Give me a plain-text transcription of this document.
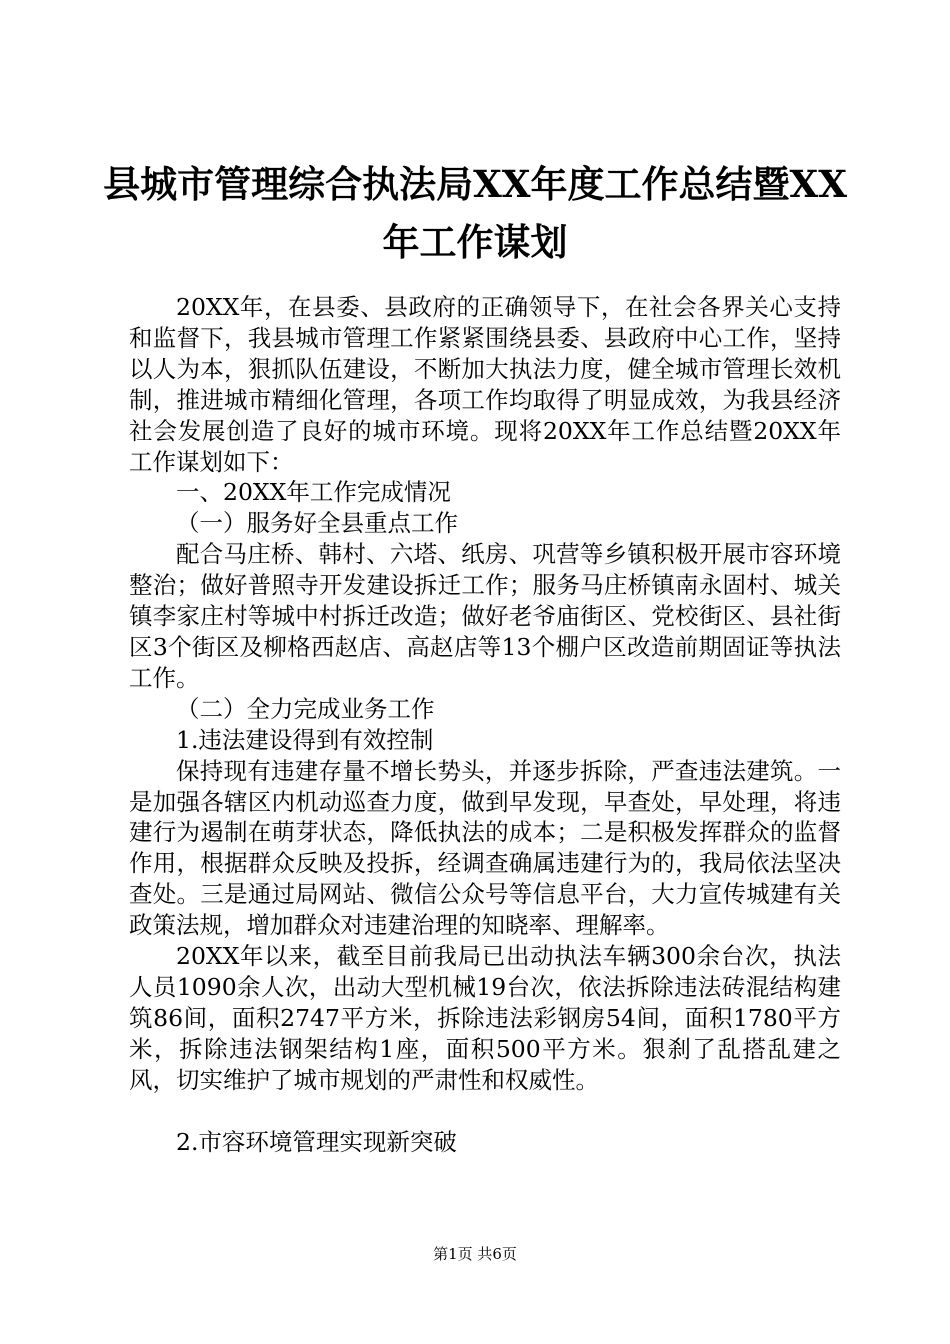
县城市管理综合执法局XX年度工作总结暨XX
年工作谋划

20XX年，在县委、县政府的正确领导下，在社会各界关心支持和监督下，我县城市管理工作紧紧围绕县委、县政府中心工作，坚持以人为本，狠抓队伍建设，不断加大执法力度，健全城市管理长效机制，推进城市精细化管理，各项工作均取得了明显成效，为我县经济社会发展创造了良好的城市环境。现将20XX年工作总结暨20XX年工作谋划如下：

一、20XX年工作完成情况

（一）服务好全县重点工作

配合马庄桥、韩村、六塔、纸房、巩营等乡镇积极开展市容环境整治；做好普照寺开发建设拆迁工作；服务马庄桥镇南永固村、城关镇李家庄村等城中村拆迁改造；做好老爷庙街区、党校街区、县社街区3个街区及柳格西赵店、高赵店等13个棚户区改造前期固证等执法工作。

（二）全力完成业务工作

1.违法建设得到有效控制

保持现有违建存量不增长势头，并逐步拆除，严查违法建筑。一是加强各辖区内机动巡查力度，做到早发现，早查处，早处理，将违建行为遏制在萌芽状态，降低执法的成本；二是积极发挥群众的监督作用，根据群众反映及投拆，经调查确属违建行为的，我局依法坚决查处。三是通过局网站、微信公众号等信息平台，大力宣传城建有关政策法规，增加群众对违建治理的知晓率、理解率。

20XX年以来，截至目前我局已出动执法车辆300余台次，执法人员1090余人次，出动大型机械19台次，依法拆除违法砖混结构建筑86间，面积2747平方米，拆除违法彩钢房54间，面积1780平方米，拆除违法钢架结构1座，面积500平方米。狠刹了乱搭乱建之风，切实维护了城市规划的严肃性和权威性。

2.市容环境管理实现新突破

第1页 共6页
